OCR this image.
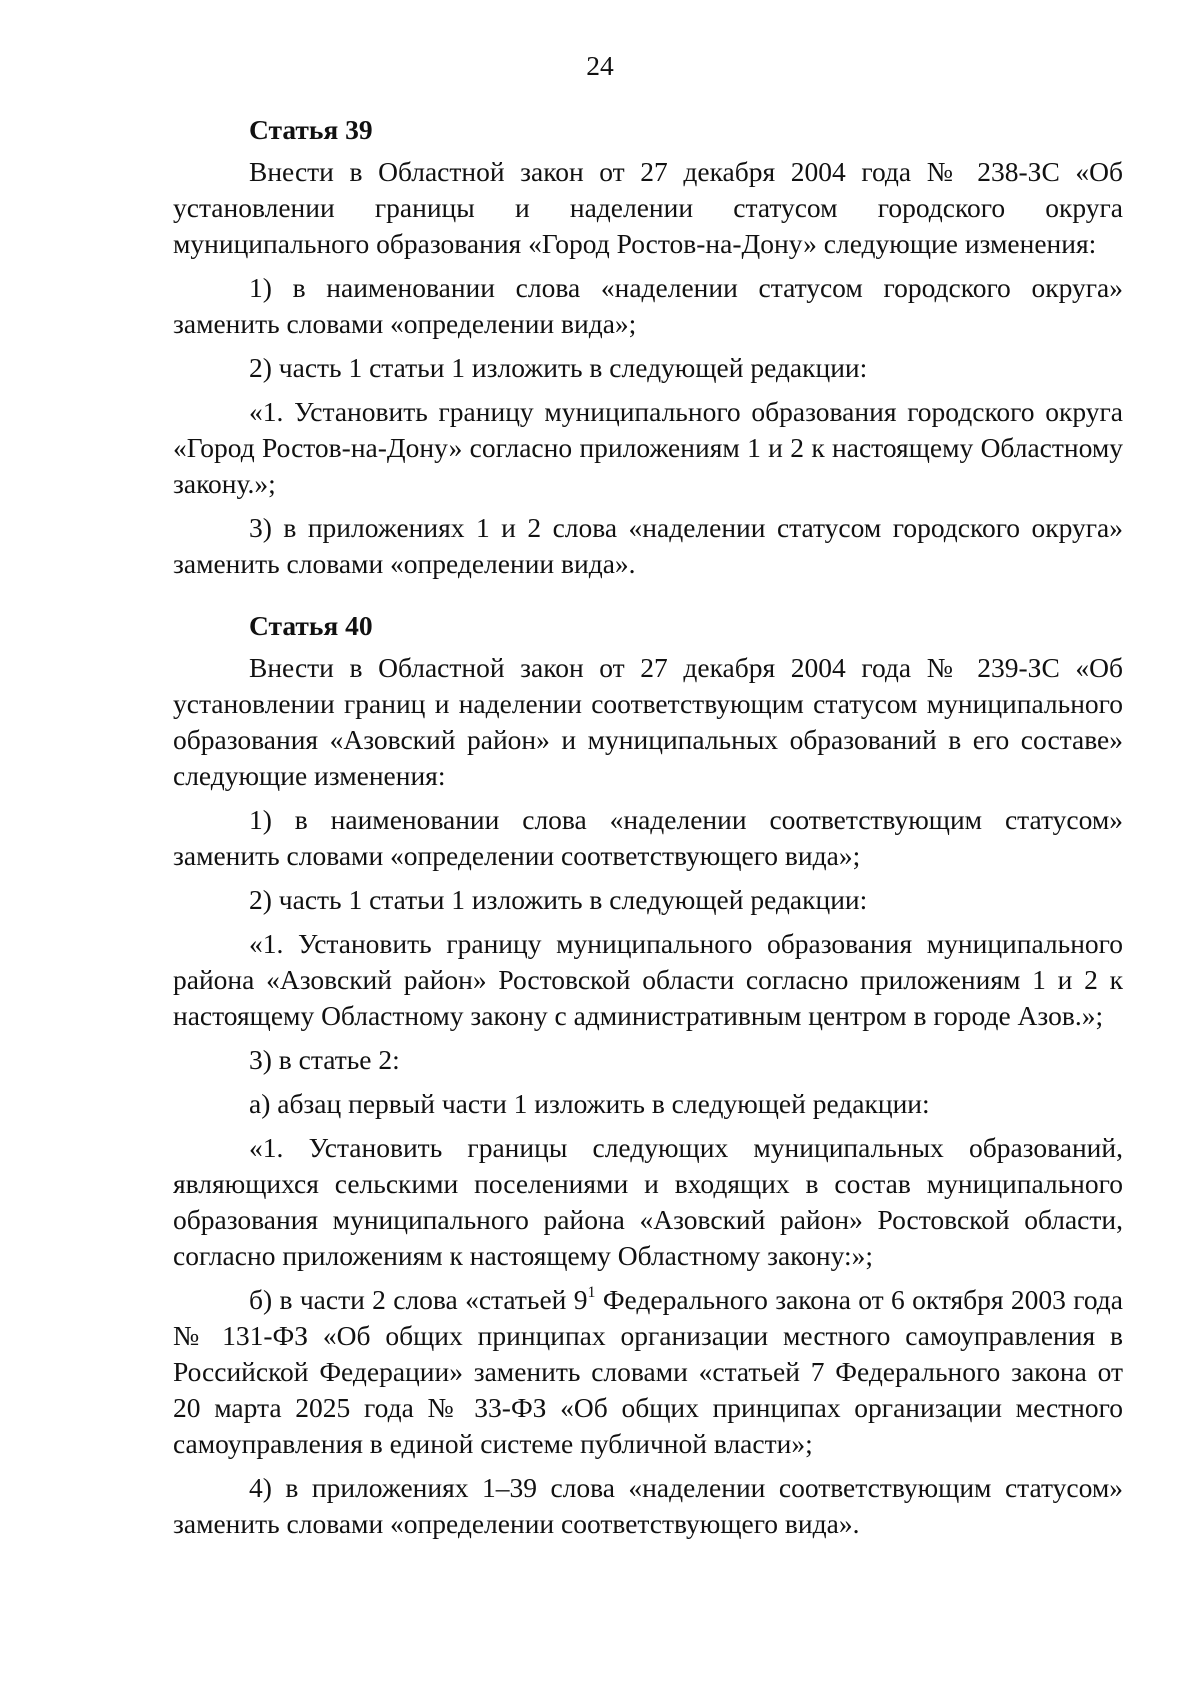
24

Статья 39

Внести в Областной закон от 27 декабря 2004 года № 238-ЗС «Об установлении границы и наделении статусом городского округа муниципального образования «Город Ростов-на-Дону» следующие изменения:

1) в наименовании слова «наделении статусом городского округа» заменить словами «определении вида»;

2) часть 1 статьи 1 изложить в следующей редакции:

«1. Установить границу муниципального образования городского округа «Город Ростов-на-Дону» согласно приложениям 1 и 2 к настоящему Областному закону.»;

3) в приложениях 1 и 2 слова «наделении статусом городского округа» заменить словами «определении вида».

Статья 40

Внести в Областной закон от 27 декабря 2004 года № 239-ЗС «Об установлении границ и наделении соответствующим статусом муниципального образования «Азовский район» и муниципальных образований в его составе» следующие изменения:

1) в наименовании слова «наделении соответствующим статусом» заменить словами «определении соответствующего вида»;

2) часть 1 статьи 1 изложить в следующей редакции:

«1. Установить границу муниципального образования муниципального района «Азовский район» Ростовской области согласно приложениям 1 и 2 к настоящему Областному закону с административным центром в городе Азов.»;

3) в статье 2:

а) абзац первый части 1 изложить в следующей редакции:

«1. Установить границы следующих муниципальных образований, являющихся сельскими поселениями и входящих в состав муниципального образования муниципального района «Азовский район» Ростовской области, согласно приложениям к настоящему Областному закону:»;

б) в части 2 слова «статьей $9^1$ Федерального закона от 6 октября 2003 года № 131-ФЗ «Об общих принципах организации местного самоуправления в Российской Федерации» заменить словами «статьей 7 Федерального закона от 20 марта 2025 года № 33-ФЗ «Об общих принципах организации местного самоуправления в единой системе публичной власти»;

4) в приложениях 1–39 слова «наделении соответствующим статусом» заменить словами «определении соответствующего вида».
